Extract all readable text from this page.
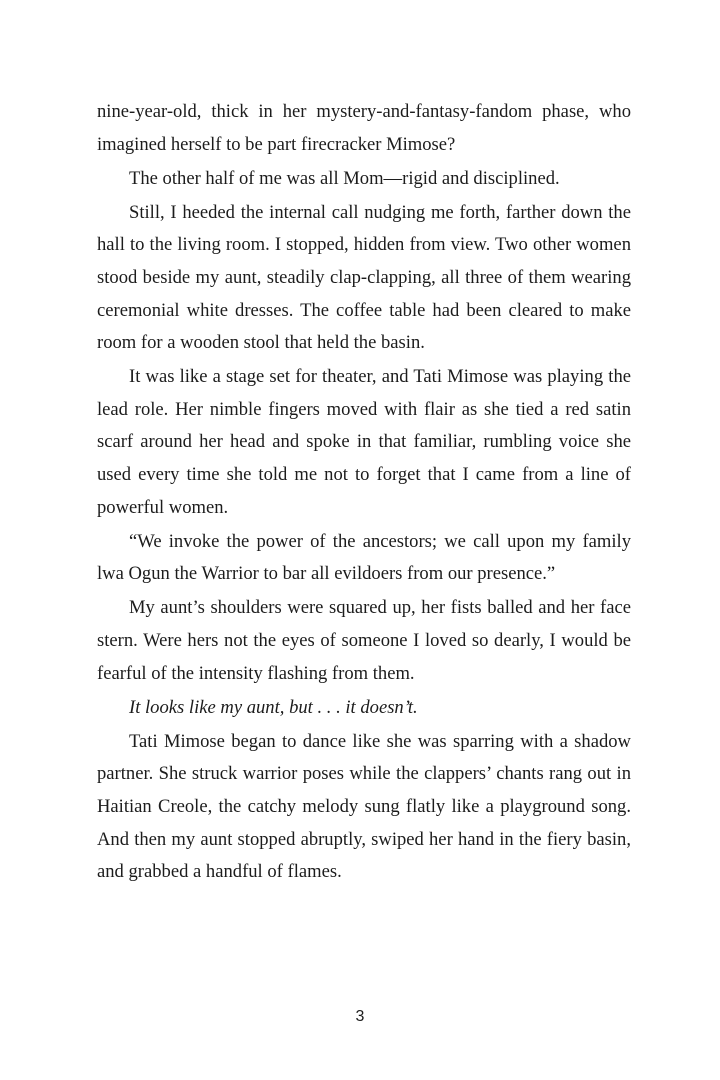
nine-year-old, thick in her mystery-and-fantasy-fandom phase, who imagined herself to be part firecracker Mimose?

The other half of me was all Mom—rigid and disciplined.

Still, I heeded the internal call nudging me forth, farther down the hall to the living room. I stopped, hidden from view. Two other women stood beside my aunt, steadily clap-clapping, all three of them wearing ceremonial white dresses. The coffee table had been cleared to make room for a wooden stool that held the basin.

It was like a stage set for theater, and Tati Mimose was playing the lead role. Her nimble fingers moved with flair as she tied a red satin scarf around her head and spoke in that familiar, rumbling voice she used every time she told me not to forget that I came from a line of powerful women.

“We invoke the power of the ancestors; we call upon my family lwa Ogun the Warrior to bar all evildoers from our presence.”

My aunt’s shoulders were squared up, her fists balled and her face stern. Were hers not the eyes of someone I loved so dearly, I would be fearful of the intensity flashing from them.

It looks like my aunt, but . . . it doesn’t.

Tati Mimose began to dance like she was sparring with a shadow partner. She struck warrior poses while the clappers’ chants rang out in Haitian Creole, the catchy melody sung flatly like a playground song. And then my aunt stopped abruptly, swiped her hand in the fiery basin, and grabbed a handful of flames.

3
